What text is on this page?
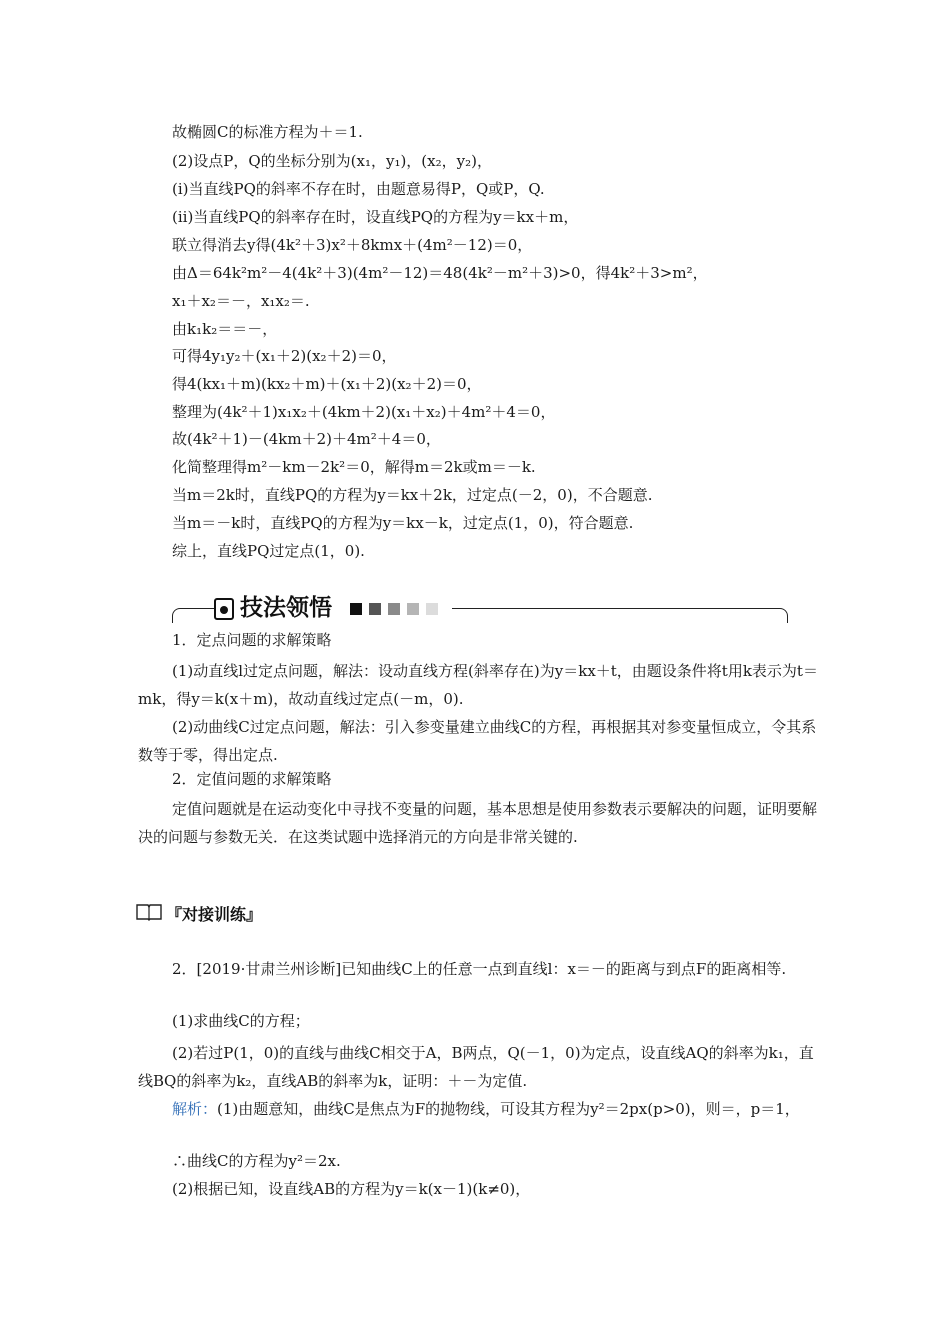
故椭圆C的标准方程为＋＝1.
(2)设点P，Q的坐标分别为(x₁，y₁)，(x₂，y₂)，
(ⅰ)当直线PQ的斜率不存在时，由题意易得P，Q或P，Q.
(ⅱ)当直线PQ的斜率存在时，设直线PQ的方程为y＝kx＋m，
联立得消去y得(4k²＋3)x²＋8kmx＋(4m²－12)＝0，
由Δ＝64k²m²－4(4k²＋3)(4m²－12)＝48(4k²－m²＋3)>0，得4k²＋3>m²，
x₁＋x₂＝－，x₁x₂＝.
由k₁k₂＝＝－，
可得4y₁y₂＋(x₁＋2)(x₂＋2)＝0，
得4(kx₁＋m)(kx₂＋m)＋(x₁＋2)(x₂＋2)＝0，
整理为(4k²＋1)x₁x₂＋(4km＋2)(x₁＋x₂)＋4m²＋4＝0，
故(4k²＋1)－(4km＋2)＋4m²＋4＝0，
化简整理得m²－km－2k²＝0，解得m＝2k或m＝－k.
当m＝2k时，直线PQ的方程为y＝kx＋2k，过定点(－2，0)，不合题意.
当m＝－k时，直线PQ的方程为y＝kx－k，过定点(1，0)，符合题意.
综上，直线PQ过定点(1，0).
技法领悟
1．定点问题的求解策略
(1)动直线l过定点问题，解法：设动直线方程(斜率存在)为y＝kx＋t，由题设条件将t用k表示为t＝mk，得y＝k(x＋m)，故动直线过定点(－m，0).
(2)动曲线C过定点问题，解法：引入参变量建立曲线C的方程，再根据其对参变量恒成立，令其系数等于零，得出定点.
2．定值问题的求解策略
定值问题就是在运动变化中寻找不变量的问题，基本思想是使用参数表示要解决的问题，证明要解决的问题与参数无关．在这类试题中选择消元的方向是非常关键的.
『对接训练』
2．[2019·甘肃兰州诊断]已知曲线C上的任意一点到直线l：x＝－的距离与到点F的距离相等.
(1)求曲线C的方程；
(2)若过P(1，0)的直线与曲线C相交于A，B两点，Q(－1，0)为定点，设直线AQ的斜率为k₁，直线BQ的斜率为k₂，直线AB的斜率为k，证明：＋－为定值.
解析：(1)由题意知，曲线C是焦点为F的抛物线，可设其方程为y²＝2px(p>0)，则＝，p＝1，
∴曲线C的方程为y²＝2x.
(2)根据已知，设直线AB的方程为y＝k(x－1)(k≠0)，
